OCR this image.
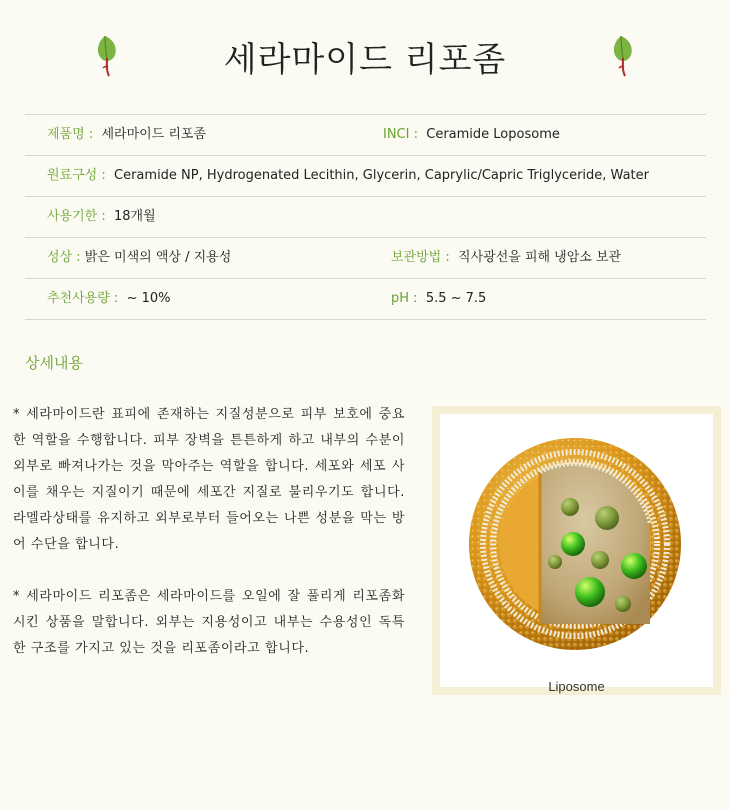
세라마이드 리포좀
제품명 : 세라마이드 리포좀	INCI : Ceramide Loposome
원료구성 : Ceramide NP, Hydrogenated Lecithin, Glycerin, Caprylic/Capric Triglyceride, Water
사용기한 : 18개월
성상 : 밝은 미색의 액상 / 지용성	보관방법 : 직사광선을 피해 냉암소 보관
추천사용량 : ~ 10%	pH : 5.5 ~ 7.5
상세내용

* 세라마이드란 표피에 존재하는 지질성분으로 피부 보호에 중요한 역할을 수행합니다. 피부 장벽을 튼튼하게 하고 내부의 수분이 외부로 빠져나가는 것을 막아주는 역할을 합니다. 세포와 세포 사이를 채우는 지질이기 때문에 세포간 지질로 불리우기도 합니다. 라멜라상태를 유지하고 외부로부터 들어오는 나쁜 성분을 막는 방어 수단을 합니다.

* 세라마이드 리포좀은 세라마이드를 오일에 잘 풀리게 리포좀화 시킨 상품을 말합니다. 외부는 지용성이고 내부는 수용성인 독특한 구조를 가지고 있는 것을 리포좀이라고 합니다.

Liposome
